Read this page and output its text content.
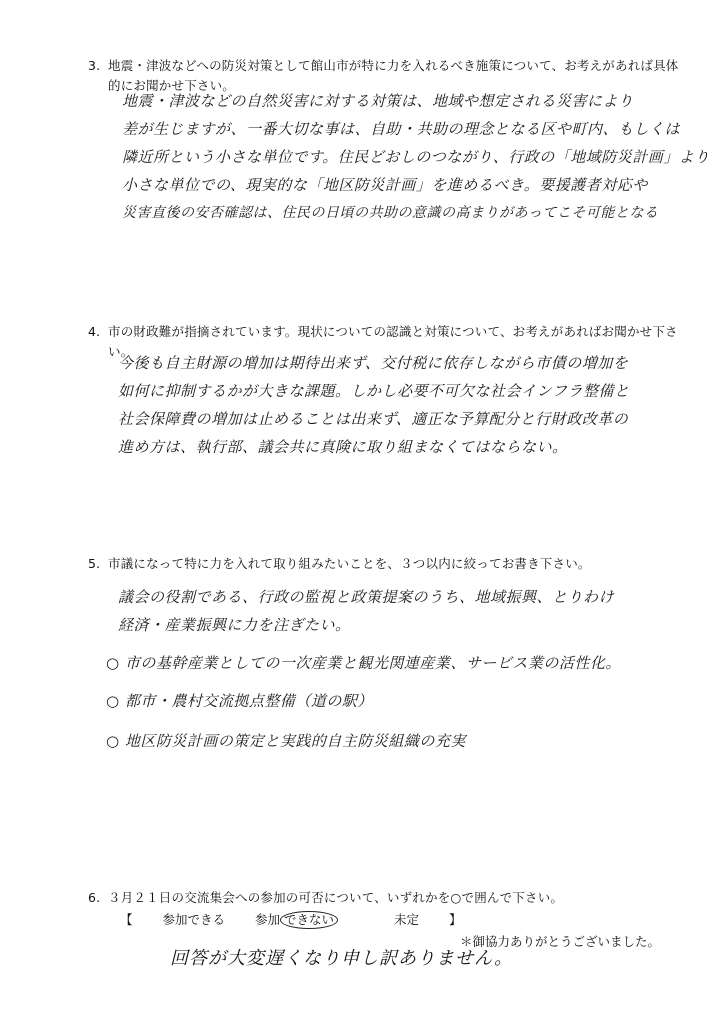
3. 地震・津波などへの防災対策として館山市が特に力を入れるべき施策について、お考えがあれば具体的にお聞かせ下さい。
地震・津波などの自然災害に対する対策は、地域や想定される災害により
差が生じますが、一番大切な事は、自助・共助の理念となる区や町内、もしくは
隣近所という小さな単位です。住民どおしのつながり、行政の「地域防災計画」より
小さな単位での、現実的な「地区防災計画」を進めるべき。要援護者対応や
災害直後の安否確認は、住民の日頃の共助の意識の高まりがあってこそ可能となる
4. 市の財政難が指摘されています。現状についての認識と対策について、お考えがあればお聞かせ下さい。
今後も自主財源の増加は期待出来ず、交付税に依存しながら市債の増加を
如何に抑制するかが大きな課題。しかし必要不可欠な社会インフラ整備と
社会保障費の増加は止めることは出来ず、適正な予算配分と行財政改革の
進め方は、執行部、議会共に真険に取り組まなくてはならない。
5. 市議になって特に力を入れて取り組みたいことを、３つ以内に絞ってお書き下さい。
議会の役割である、行政の監視と政策提案のうち、地域振興、とりわけ
経済・産業振興に力を注ぎたい。
○ 市の基幹産業としての一次産業と観光関連産業、サービス業の活性化。
○ 都市・農村交流拠点整備（道の駅）
○ 地区防災計画の策定と実践的自主防災組織の充実
6. ３月２１日の交流集会への参加の可否について、いずれかを○で囲んで下さい。
【 参加できる 参加 できない	未定 】
＊御協力ありがとうございました。
回答が大変遅くなり申し訳ありません。
